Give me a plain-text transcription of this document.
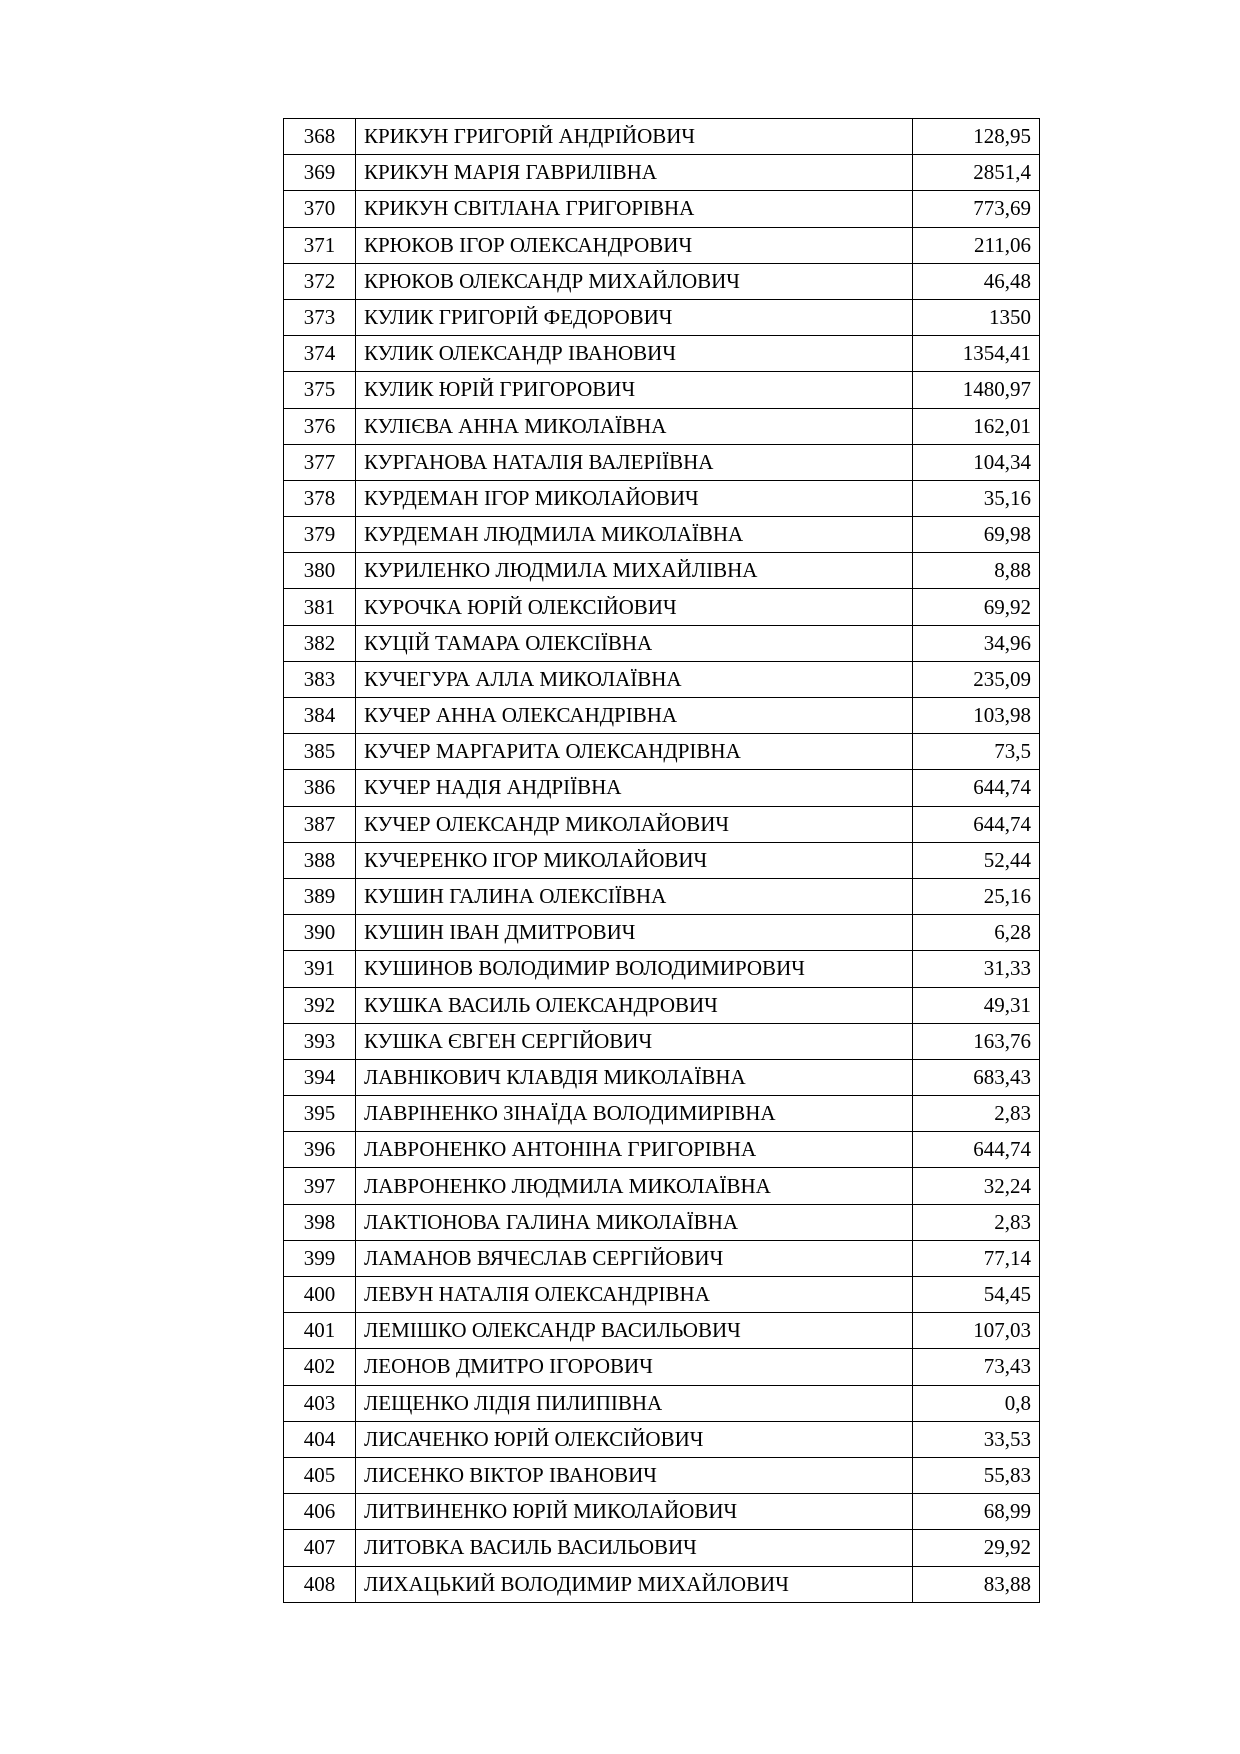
368	КРИКУН ГРИГОРІЙ АНДРІЙОВИЧ	128,95
369	КРИКУН МАРІЯ ГАВРИЛІВНА	2851,4
370	КРИКУН СВІТЛАНА ГРИГОРІВНА	773,69
371	КРЮКОВ ІГОР ОЛЕКСАНДРОВИЧ	211,06
372	КРЮКОВ ОЛЕКСАНДР МИХАЙЛОВИЧ	46,48
373	КУЛИК ГРИГОРІЙ ФЕДОРОВИЧ	1350
374	КУЛИК ОЛЕКСАНДР ІВАНОВИЧ	1354,41
375	КУЛИК ЮРІЙ ГРИГОРОВИЧ	1480,97
376	КУЛІЄВА АННА МИКОЛАЇВНА	162,01
377	КУРГАНОВА НАТАЛІЯ ВАЛЕРІЇВНА	104,34
378	КУРДЕМАН ІГОР МИКОЛАЙОВИЧ	35,16
379	КУРДЕМАН ЛЮДМИЛА МИКОЛАЇВНА	69,98
380	КУРИЛЕНКО ЛЮДМИЛА МИХАЙЛІВНА	8,88
381	КУРОЧКА ЮРІЙ ОЛЕКСІЙОВИЧ	69,92
382	КУЦІЙ ТАМАРА ОЛЕКСІЇВНА	34,96
383	КУЧЕГУРА АЛЛА МИКОЛАЇВНА	235,09
384	КУЧЕР АННА ОЛЕКСАНДРІВНА	103,98
385	КУЧЕР МАРГАРИТА ОЛЕКСАНДРІВНА	73,5
386	КУЧЕР НАДІЯ АНДРІЇВНА	644,74
387	КУЧЕР ОЛЕКСАНДР МИКОЛАЙОВИЧ	644,74
388	КУЧЕРЕНКО ІГОР МИКОЛАЙОВИЧ	52,44
389	КУШИН ГАЛИНА ОЛЕКСІЇВНА	25,16
390	КУШИН ІВАН ДМИТРОВИЧ	6,28
391	КУШИНОВ ВОЛОДИМИР ВОЛОДИМИРОВИЧ	31,33
392	КУШКА ВАСИЛЬ ОЛЕКСАНДРОВИЧ	49,31
393	КУШКА ЄВГЕН СЕРГІЙОВИЧ	163,76
394	ЛАВНІКОВИЧ КЛАВДІЯ МИКОЛАЇВНА	683,43
395	ЛАВРІНЕНКО ЗІНАЇДА ВОЛОДИМИРІВНА	2,83
396	ЛАВРОНЕНКО АНТОНІНА ГРИГОРІВНА	644,74
397	ЛАВРОНЕНКО ЛЮДМИЛА МИКОЛАЇВНА	32,24
398	ЛАКТІОНОВА ГАЛИНА МИКОЛАЇВНА	2,83
399	ЛАМАНОВ ВЯЧЕСЛАВ СЕРГІЙОВИЧ	77,14
400	ЛЕВУН НАТАЛІЯ ОЛЕКСАНДРІВНА	54,45
401	ЛЕМІШКО ОЛЕКСАНДР ВАСИЛЬОВИЧ	107,03
402	ЛЕОНОВ ДМИТРО ІГОРОВИЧ	73,43
403	ЛЕЩЕНКО ЛІДІЯ ПИЛИПІВНА	0,8
404	ЛИСАЧЕНКО ЮРІЙ ОЛЕКСІЙОВИЧ	33,53
405	ЛИСЕНКО ВІКТОР ІВАНОВИЧ	55,83
406	ЛИТВИНЕНКО ЮРІЙ МИКОЛАЙОВИЧ	68,99
407	ЛИТОВКА ВАСИЛЬ ВАСИЛЬОВИЧ	29,92
408	ЛИХАЦЬКИЙ ВОЛОДИМИР МИХАЙЛОВИЧ	83,88
